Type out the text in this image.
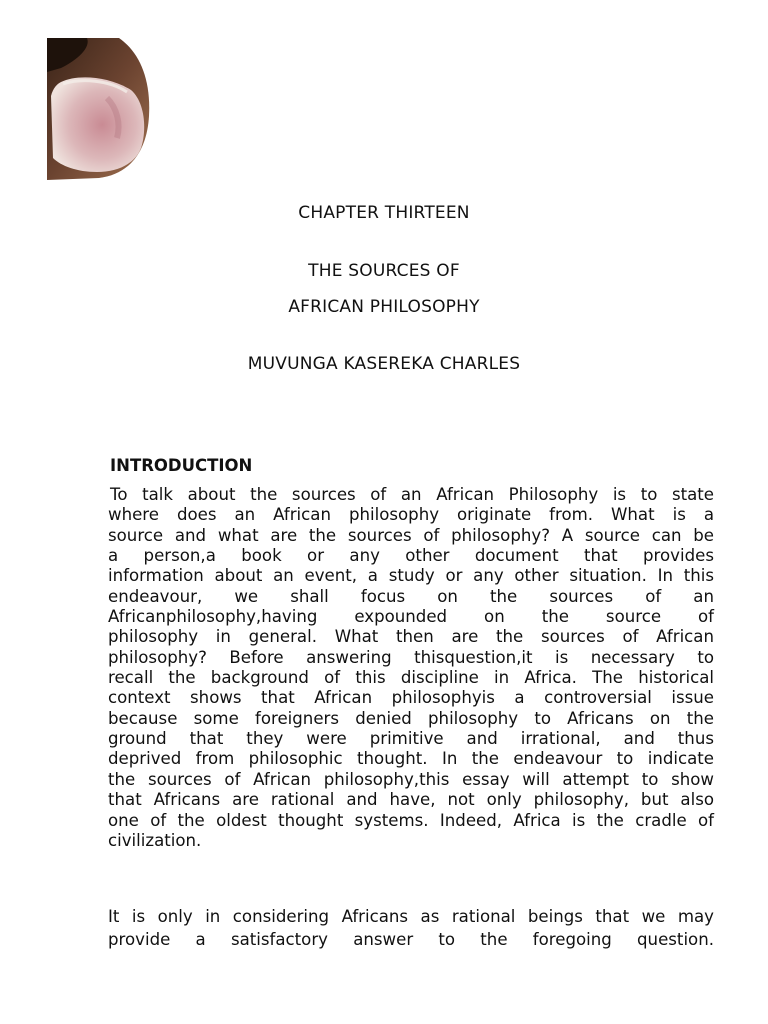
CHAPTER THIRTEEN
THE SOURCES OF
AFRICAN PHILOSOPHY
MUVUNGA KASEREKA CHARLES
INTRODUCTION
To talk about the sources of an African Philosophy is to state
where does an African philosophy originate from. What is a
source and what are the sources of philosophy? A source can be
a person,a book or any other document that provides
information about an event, a study or any other situation. In this
endeavour, we shall focus on the sources of an
Africanphilosophy,having expounded on the source of
philosophy in general. What then are the sources of African
philosophy? Before answering thisquestion,it is necessary to
recall the background of this discipline in Africa. The historical
context shows that African philosophyis a controversial issue
because some foreigners denied philosophy to Africans on the
ground that they were primitive and irrational, and thus
deprived from philosophic thought. In the endeavour to indicate
the sources of African philosophy,this essay will attempt to show
that Africans are rational and have, not only philosophy, but also
one of the oldest thought systems. Indeed, Africa is the cradle of
civilization.
It is only in considering Africans as rational beings that we may
provide a satisfactory answer to the foregoing question.
